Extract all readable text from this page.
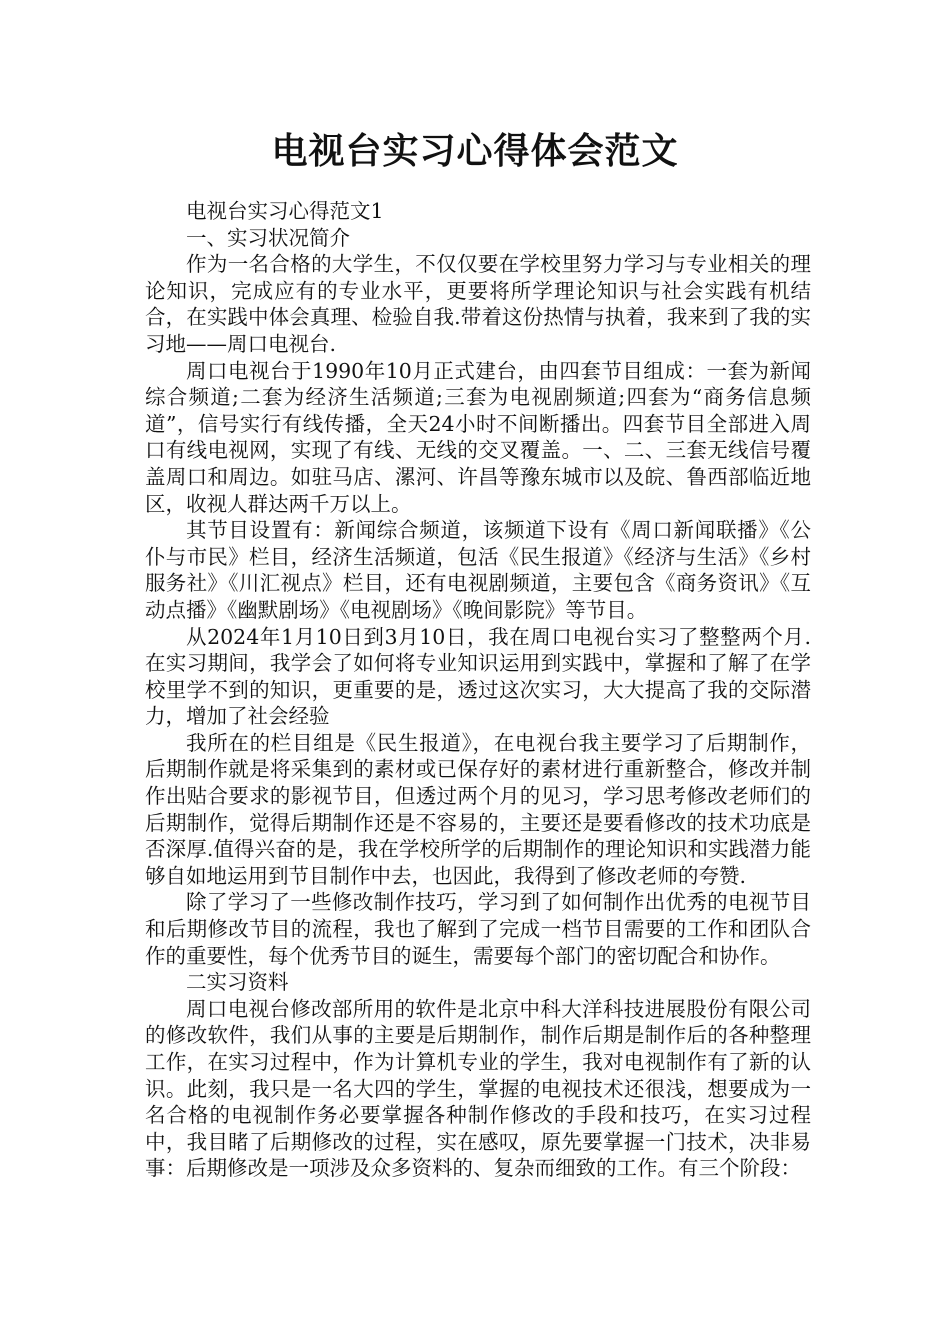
电视台实习心得体会范文

电视台实习心得范文1

一、实习状况简介

作为一名合格的大学生，不仅仅要在学校里努力学习与专业相关的理论知识，完成应有的专业水平，更要将所学理论知识与社会实践有机结合，在实践中体会真理、检验自我.带着这份热情与执着，我来到了我的实习地——周口电视台.

周口电视台于1990年10月正式建台，由四套节目组成：一套为新闻综合频道;二套为经济生活频道;三套为电视剧频道;四套为“商务信息频道”，信号实行有线传播，全天24小时不间断播出。四套节目全部进入周口有线电视网，实现了有线、无线的交叉覆盖。一、二、三套无线信号覆盖周口和周边。如驻马店、漯河、许昌等豫东城市以及皖、鲁西部临近地区，收视人群达两千万以上。

其节目设置有：新闻综合频道，该频道下设有《周口新闻联播》《公仆与市民》栏目，经济生活频道，包活《民生报道》《经济与生活》《乡村服务社》《川汇视点》栏目，还有电视剧频道，主要包含《商务资讯》《互动点播》《幽默剧场》《电视剧场》《晚间影院》等节目。

从2024年1月10日到3月10日，我在周口电视台实习了整整两个月.在实习期间，我学会了如何将专业知识运用到实践中，掌握和了解了在学校里学不到的知识，更重要的是，透过这次实习，大大提高了我的交际潜力，增加了社会经验

我所在的栏目组是《民生报道》，在电视台我主要学习了后期制作，后期制作就是将采集到的素材或已保存好的素材进行重新整合，修改并制作出贴合要求的影视节目，但透过两个月的见习，学习思考修改老师们的后期制作，觉得后期制作还是不容易的，主要还是要看修改的技术功底是否深厚.值得兴奋的是，我在学校所学的后期制作的理论知识和实践潜力能够自如地运用到节目制作中去，也因此，我得到了修改老师的夸赞.

除了学习了一些修改制作技巧，学习到了如何制作出优秀的电视节目和后期修改节目的流程，我也了解到了完成一档节目需要的工作和团队合作的重要性，每个优秀节目的诞生，需要每个部门的密切配合和协作。

二实习资料

周口电视台修改部所用的软件是北京中科大洋科技进展股份有限公司的修改软件，我们从事的主要是后期制作，制作后期是制作后的各种整理工作，在实习过程中，作为计算机专业的学生，我对电视制作有了新的认识。此刻，我只是一名大四的学生，掌握的电视技术还很浅，想要成为一名合格的电视制作务必要掌握各种制作修改的手段和技巧，在实习过程中，我目睹了后期修改的过程，实在感叹，原先要掌握一门技术，决非易事：后期修改是一项涉及众多资料的、复杂而细致的工作。有三个阶段：
